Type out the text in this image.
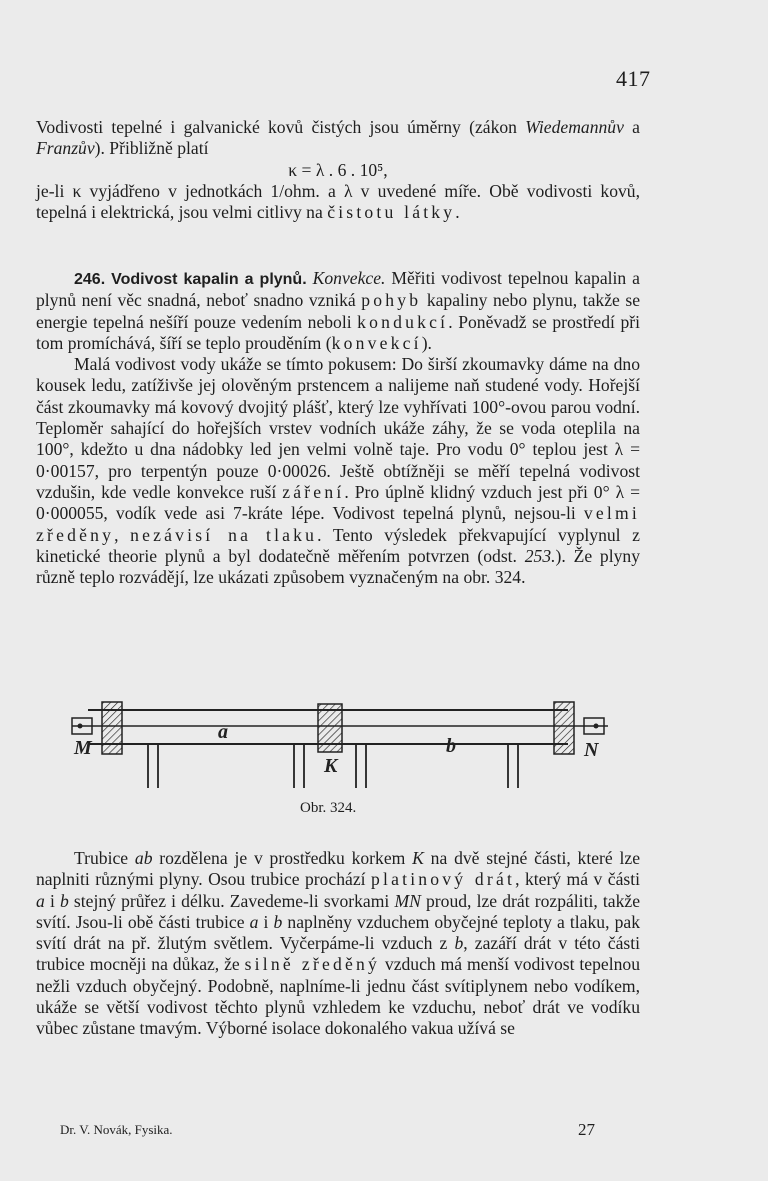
417

Vodivosti tepelné i galvanické kovů čistých jsou úměrny (zákon Wiedemannův a Franzův). Přibližně platí

κ = λ . 6 . 10⁵,

je-li κ vyjádřeno v jednotkách 1/ohm. a λ v uvedené míře. Obě vodivosti kovů, tepelná i elektrická, jsou velmi citlivy na čistotu látky.

246. Vodivost kapalin a plynů. Konvekce. Měřiti vodivost tepelnou kapalin a plynů není věc snadná, neboť snadno vzniká pohyb kapaliny nebo plynu, takže se energie tepelná nešíří pouze vedením neboli kondukcí. Poněvadž se prostředí při tom promíchává, šíří se teplo prouděním (konvekcí).

Malá vodivost vody ukáže se tímto pokusem: Do širší zkoumavky dáme na dno kousek ledu, zatíživše jej olověným prstencem a nalijeme naň studené vody. Hořejší část zkoumavky má kovový dvojitý plášť, který lze vyhřívati 100°-ovou parou vodní. Teploměr sahající do hořejších vrstev vodních ukáže záhy, že se voda oteplila na 100°, kdežto u dna nádobky led jen velmi volně taje. Pro vodu 0° teplou jest λ = 0·00157, pro terpentýn pouze 0·00026. Ještě obtížněji se měří tepelná vodivost vzdušin, kde vedle konvekce ruší záření. Pro úplně klidný vzduch jest při 0° λ = 0·000055, vodík vede asi 7-kráte lépe. Vodivost tepelná plynů, nejsou-li velmi zředěny, nezávisí na tlaku. Tento výsledek překvapující vyplynul z kinetické theorie plynů a byl dodatečně měřením potvrzen (odst. 253.). Že plyny různě teplo rozvádějí, lze ukázati způsobem vyznačeným na obr. 324.

M
a
K
b	N
Obr. 324.

Trubice ab rozdělena je v prostředku korkem K na dvě stejné části, které lze naplniti různými plyny. Osou trubice prochází platinový drát, který má v části a i b stejný průřez i délku. Zavedeme-li svorkami MN proud, lze drát rozpáliti, takže svítí. Jsou-li obě části trubice a i b naplněny vzduchem obyčejné teploty a tlaku, pak svítí drát na př. žlutým světlem. Vyčerpáme-li vzduch z b, zazáří drát v této části trubice mocněji na důkaz, že silně zředěný vzduch má menší vodivost tepelnou nežli vzduch obyčejný. Podobně, naplníme-li jednu část svítiplynem nebo vodíkem, ukáže se větší vodivost těchto plynů vzhledem ke vzduchu, neboť drát ve vodíku vůbec zůstane tmavým. Výborné isolace dokonalého vakua užívá se

Dr. V. Novák, Fysika.	27
